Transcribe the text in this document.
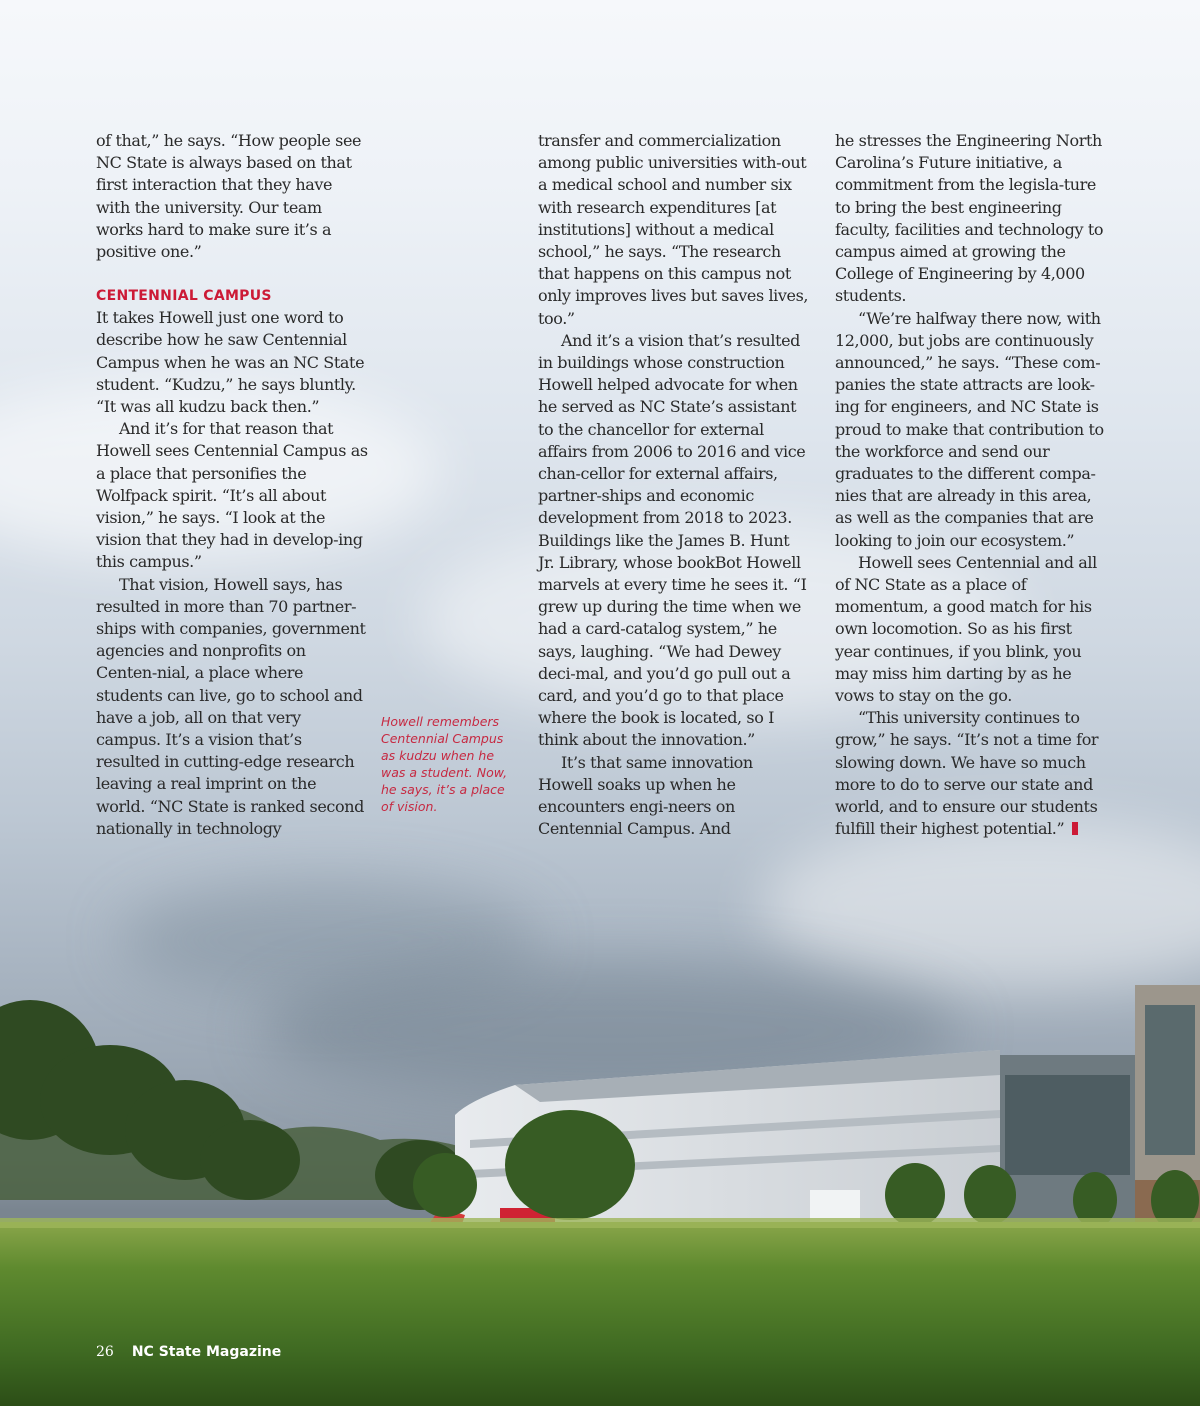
of that,” he says. “How people see NC State is always based on that first interaction that they have with the university. Our team works hard to make sure it’s a positive one.”

CENTENNIAL CAMPUS

It takes Howell just one word to describe how he saw Centennial Campus when he was an NC State student. “Kudzu,” he says bluntly. “It was all kudzu back then.”

And it’s for that reason that Howell sees Centennial Campus as a place that personifies the Wolfpack spirit. “It’s all about vision,” he says. “I look at the vision that they had in develop-ing this campus.”

That vision, Howell says, has resulted in more than 70 partner-ships with companies, government agencies and nonprofits on Centen-nial, a place where students can live, go to school and have a job, all on that very campus. It’s a vision that’s resulted in cutting-edge research leaving a real imprint on the world. “NC State is ranked second nationally in technology

Howell remembers Centennial Campus as kudzu when he was a student. Now, he says, it’s a place of vision.

transfer and commercialization among public universities with-out a medical school and number six with research expenditures [at institutions] without a medical school,” he says. “The research that happens on this campus not only improves lives but saves lives, too.”

And it’s a vision that’s resulted in buildings whose construction Howell helped advocate for when he served as NC State’s assistant to the chancellor for external affairs from 2006 to 2016 and vice chan-cellor for external affairs, partner-ships and economic development from 2018 to 2023. Buildings like the James B. Hunt Jr. Library, whose bookBot Howell marvels at every time he sees it. “I grew up during the time when we had a card-catalog system,” he says, laughing. “We had Dewey deci-mal, and you’d go pull out a card, and you’d go to that place where the book is located, so I think about the innovation.”

It’s that same innovation Howell soaks up when he encounters engi-neers on Centennial Campus. And

he stresses the Engineering North Carolina’s Future initiative, a commitment from the legisla-ture to bring the best engineering faculty, facilities and technology to campus aimed at growing the College of Engineering by 4,000 students.

“We’re halfway there now, with 12,000, but jobs are continuously announced,” he says. “These com-panies the state attracts are look-ing for engineers, and NC State is proud to make that contribution to the workforce and send our graduates to the different compa-nies that are already in this area, as well as the companies that are looking to join our ecosystem.”

Howell sees Centennial and all of NC State as a place of momentum, a good match for his own locomotion. So as his first year continues, if you blink, you may miss him darting by as he vows to stay on the go.

“This university continues to grow,” he says. “It’s not a time for slowing down. We have so much more to do to serve our state and world, and to ensure our students fulfill their highest potential.”

26 NC State Magazine
